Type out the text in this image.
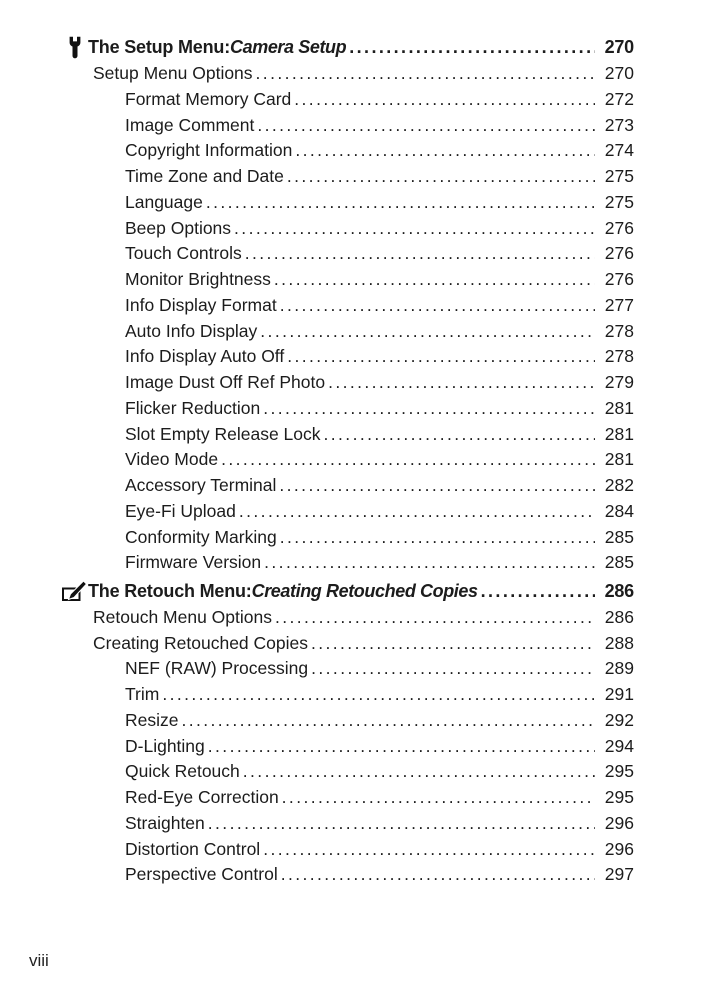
The Setup Menu: Camera Setup .....	270
Setup Menu Options .....	270
Format Memory Card .....	272
Image Comment .....	273
Copyright Information .....	274
Time Zone and Date .....	275
Language .....	275
Beep Options .....	276
Touch Controls .....	276
Monitor Brightness .....	276
Info Display Format .....	277
Auto Info Display .....	278
Info Display Auto Off .....	278
Image Dust Off Ref Photo .....	279
Flicker Reduction .....	281
Slot Empty Release Lock .....	281
Video Mode .....	281
Accessory Terminal .....	282
Eye-Fi Upload .....	284
Conformity Marking .....	285
Firmware Version .....	285
The Retouch Menu: Creating Retouched Copies .....	286
Retouch Menu Options .....	286
Creating Retouched Copies .....	288
NEF (RAW) Processing .....	289
Trim .....	291
Resize .....	292
D-Lighting .....	294
Quick Retouch .....	295
Red-Eye Correction .....	295
Straighten .....	296
Distortion Control .....	296
Perspective Control .....	297
viii
